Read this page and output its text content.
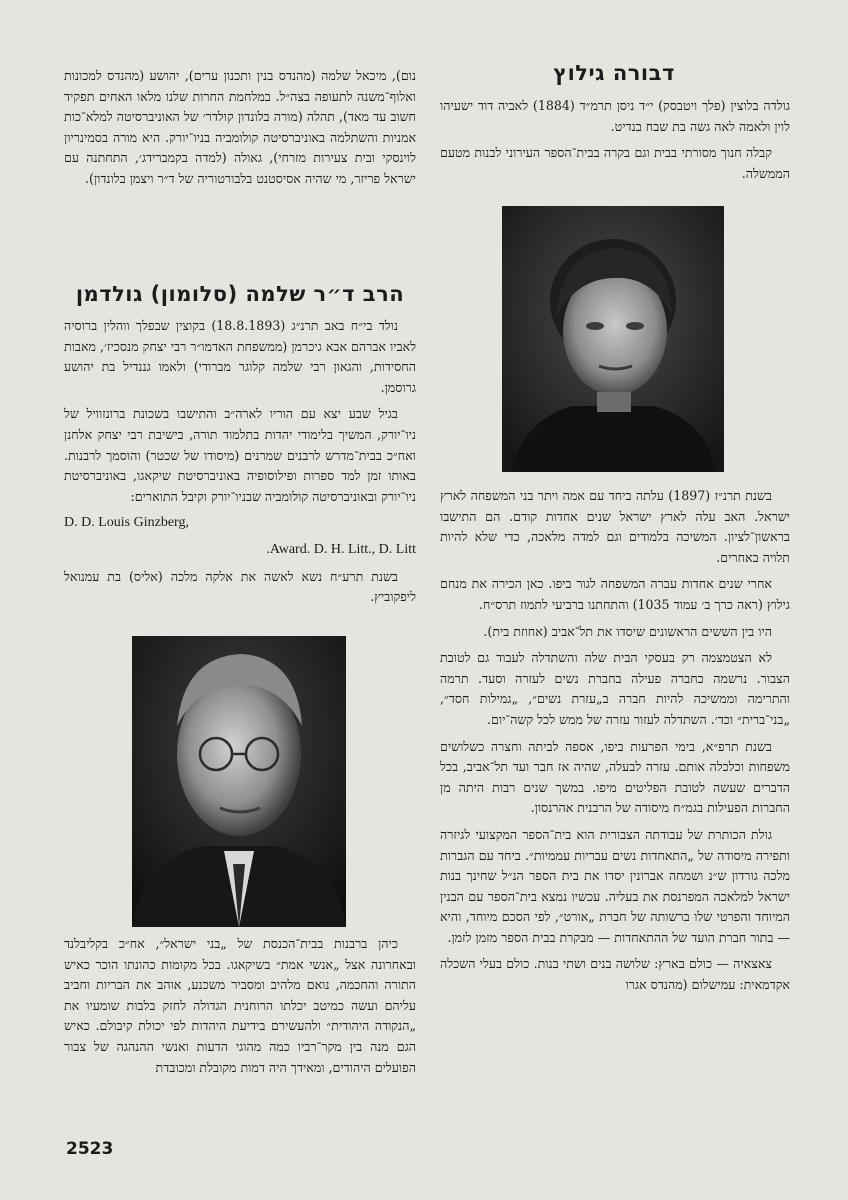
דבורה גילוץ

גולדה בלוצין (פלך ויטבסק) י״ד ניסן תרמ״ד (1884) לאביה דוד ישעיהו לוין ולאמה לאה גשה בת שבח בנדיט.

קבלה חנוך מסורתי בבית וגם בקרה בבית־הספר העירוני לבנות מטעם הממשלה.

בשנת תרנ״ז (1897) עלתה ביחד עם אמה ויתר בני המשפחה לארץ ישראל. האב עלה לארץ ישראל שנים אחדות קודם. הם התישבו בראשון־לציון. המשיכה בלמודים וגם למדה מלאכה, כדי שלא להיות תלויה באחרים.

אחרי שנים אחדות עברה המשפחה לגור ביפו. כאן הכירה את מנחם גילוץ (ראה כרך ב׳ עמוד 1035) והתחתנו ברביעי לתמוז תרס״ח.

היו בין הששים הראשונים שיסדו את תל־אביב (אחוזת בית).

לא הצטמצמה רק בעסקי הבית שלה והשתדלה לעבוד גם לטובת הצבור. נרשמה כחברה פעילה בחברת נשים לעזרה וסעד. תרמה והתרימה וממשיכה להיות חברה ב„עזרת נשים״, „גמילות חסד״, „בני־ברית״ וכד׳. השתדלה לעזור עזרה של ממש לכל קשה־יום.

בשנת תרפ״א, בימי הפרעות ביפו, אספה לביתה וחצרה כשלושים משפחות וכלכלה אותם. עזרה לבעלה, שהיה אז חבר ועד תל־אביב, בכל הדברים שעשה לטובת הפליטים מיפו. במשך שנים רבות היתה מן החברות הפעילות בגמ״ח מיסודה של הרבנית אהרנסון.

גולת הכותרת של עבודתה הצבורית הוא בית־הספר המקצועי לגיזרה ותפירה מיסודה של „התאחדות נשים עבריות עממיות״. ביחד עם הגברות מלכה גורדון ש״נ ושמחה אברונין יסדו את בית הספר הנ״ל שחינך בנות ישראל למלאכה המפרנסת את בעליה. עכשיו נמצא בית־הספר עם הבנין המיוחד והפרטי שלו ברשותה של חברת „אורט״, לפי הסכם מיוחד, והיא — בתור חברת הועד של ההתאחדות — מבקרת בבית הספר מזמן לזמן.

צאצאיה — כולם בארץ: שלושה בנים ושתי בנות. כולם בעלי השכלה אקדמאית: עמישלום (מהנדס אגרו

נום), מיכאל שלמה (מהנדס בנין ותכנון ערים), יהושע (מהנדס למכונות ואלוף־משנה לתעופה בצה״ל. במלחמת החרות שלנו מלאו האחים תפקיד חשוב עד מאד), תהלה (מורה בלונדון קולדר׳ של האוניברסיטה למלא־כות אמניות והשתלמה באוניברסיטה קולומביה בניו־יורק. היא מורה בסמינריון לוינסקי ובית צעירות מזרחי), גאולה (למדה בקמברידג׳, התחתנה עם ישראל פריזר, מי שהיה אסיסטנט בלבורטוריה של ד״ר ויצמן בלונדון).

הרב ד״ר שלמה (סלומון) גולדמן

נולד בי״ח באב תרנ״ג (18.8.1893) בקוצין שבפלך ווהלין ברוסיה לאביו אברהם אבא גיכרמן (ממשפחת האדמו״ר רבי יצחק מנסכיז׳, מאבות החסידות, והגאון רבי שלמה קלוגר מברודי) ולאמו גננדיל בת יהושע גרוסמן.

בגיל שבע יצא עם הוריו לארה״ב והתישבו בשכונת ברונזוויל של ניו־יורק, המשיך בלימודי יהדות בתלמוד תורה, בישיבת רבי יצחק אלחנן ואח״כ בבית־מדרש לרבנים שמרנים (מיסודו של שכטר) והוסמך לרבנות. באותו זמן למד ספרות ופילוסופיה באוניברסיטת שיקאגו, באוניברסיטת ניו־יורק ובאוניברסיטה קולומביה שבניו־יורק וקיבל התוארים:

D. D. Louis Ginzberg,

.Award. D. H. Litt., D. Litt

בשנת תרע״ח נשא לאשה את אלקה מלכה (אליס) בת עמנואל ליפקוביץ.

כיהן ברבנות בבית־הכנסת של „בני ישראל״, אח״כ בקליבלנד ובאחרונה אצל „אנשי אמת״ בשיקאגו. בכל מקומות כהונתו הוכר כאיש התורה והחכמה, נואם מלהיב ומסביר משכנע, אוהב את הבריות וחביב עליהם ועשה כמיטב יכלתו הרוחנית הגדולה לחזק בלבות שומעיו את „הנקודה היהודית״ ולהעשירם בידיעת היהדות לפי יכולת קיבולם. כאיש הגם מנה בין מקר־רביו כמה מהוגי הדעות ואנשי ההנהגה של צבור הפועלים היהודים, ומאידך היה דמות מקובלת ומכובדת

2523
